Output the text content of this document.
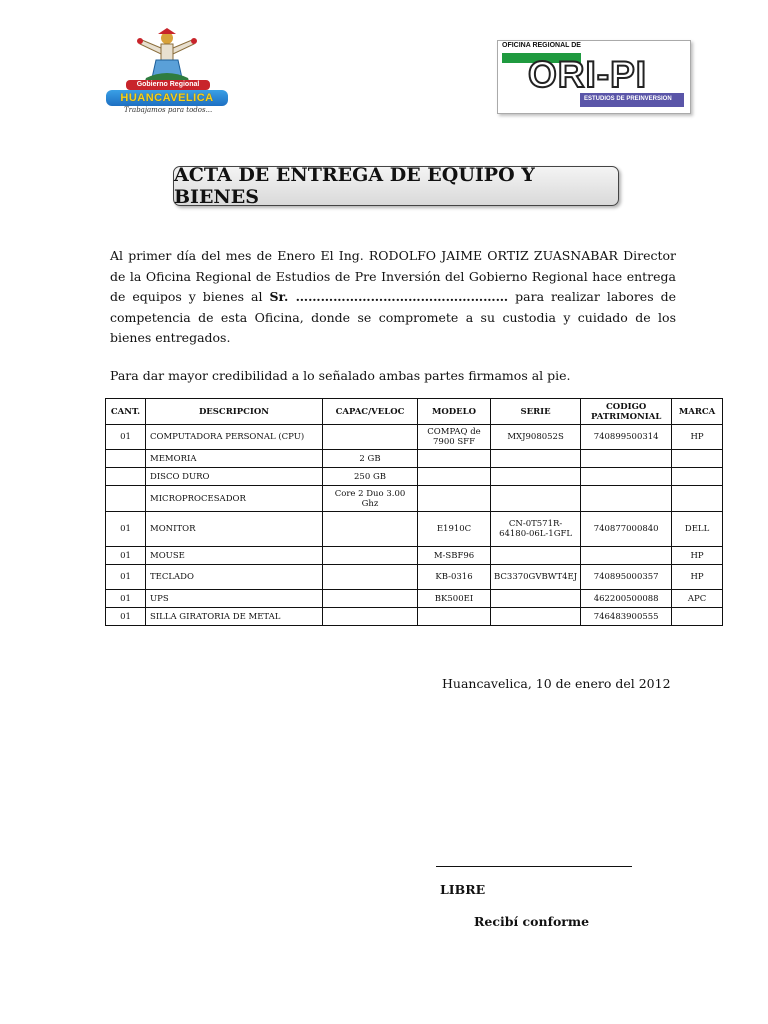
Gobierno Regional
HUANCAVELICA
Trabajamos para todos...
OFICINA REGIONAL DE
ORI-PI
ESTUDIOS DE PREINVERSION
ACTA DE ENTREGA DE EQUIPO Y BIENES

Al primer día del mes de Enero El Ing. RODOLFO JAIME ORTIZ ZUASNABAR Director de la Oficina Regional de Estudios de Pre Inversión del Gobierno Regional hace entrega de equipos y bienes al Sr. …………………………………………… para realizar labores de competencia de esta Oficina, donde se compromete a su custodia y cuidado de los bienes entregados.

Para dar mayor credibilidad a lo señalado ambas partes firmamos al pie.

CANT.	DESCRIPCION	CAPAC/VELOC	MODELO	SERIE	CODIGO PATRIMONIAL	MARCA
01	COMPUTADORA PERSONAL (CPU)		COMPAQ de 7900 SFF	MXJ908052S	740899500314	HP
	MEMORIA	2 GB				
	DISCO DURO	250 GB				
	MICROPROCESADOR	Core 2 Duo 3.00 Ghz				
01	MONITOR		E1910C	CN-0T571R-64180-06L-1GFL	740877000840	DELL
01	MOUSE		M-SBF96			HP
01	TECLADO		KB-0316	BC3370GVBWT4EJ	740895000357	HP
01	UPS		BK500EI		462200500088	APC
01	SILLA GIRATORIA DE METAL				746483900555	
Huancavelica, 10 de enero del 2012
LIBRE
Recibí conforme
